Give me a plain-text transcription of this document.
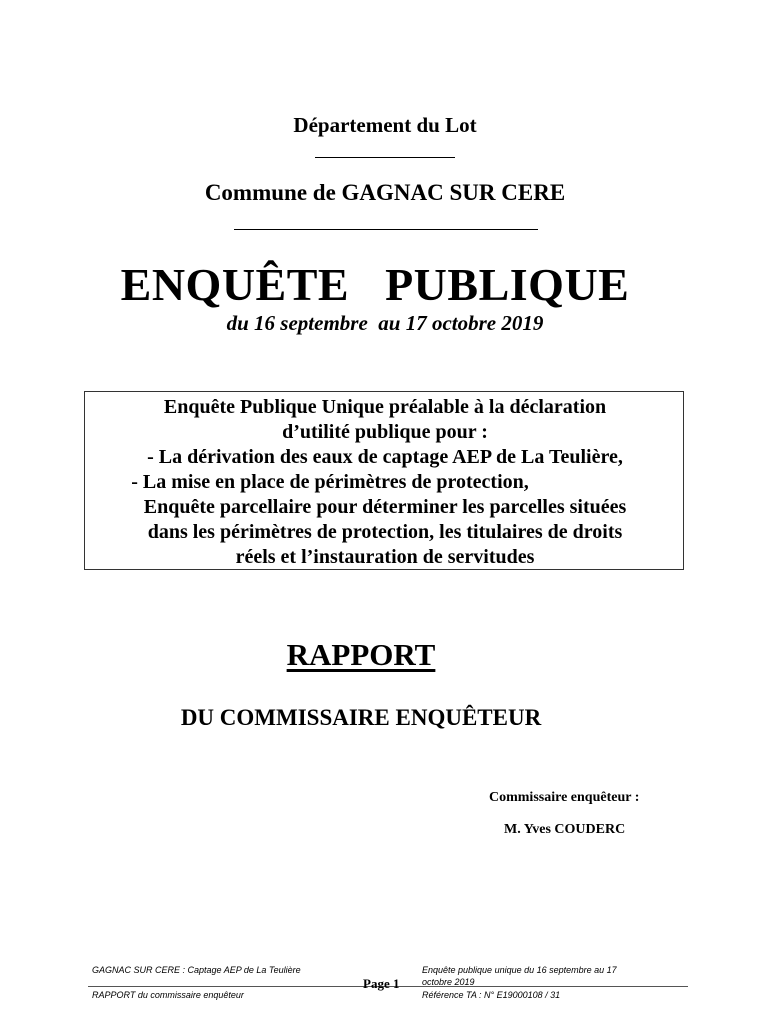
Département du Lot
Commune de GAGNAC SUR CERE
ENQUÊTE   PUBLIQUE
du 16 septembre  au 17 octobre 2019
Enquête Publique Unique préalable à la déclaration
d’utilité publique pour :
- La dérivation des eaux de captage AEP de La Teulière,
- La mise en place de périmètres de protection,
Enquête parcellaire pour déterminer les parcelles situées
dans les périmètres de protection, les titulaires de droits
réels et l’instauration de servitudes
RAPPORT
DU COMMISSAIRE ENQUÊTEUR
Commissaire enquêteur :
M. Yves COUDERC
GAGNAC SUR CERE : Captage AEP de La Teulière
RAPPORT du commissaire enquêteur
Page 1
Enquête publique unique du 16 septembre au 17
octobre 2019
Référence TA : N° E19000108 / 31
